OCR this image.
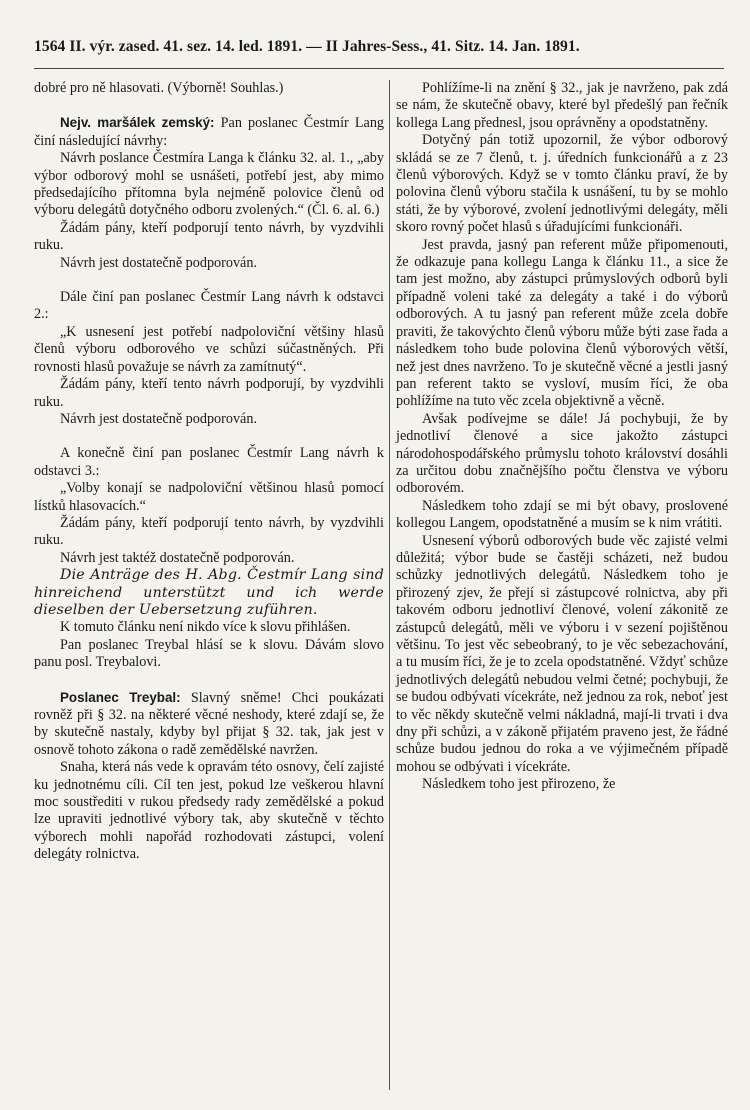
1564 II. výr. zased. 41. sez. 14. led. 1891. — II Jahres-Sess., 41. Sitz. 14. Jan. 1891.

dobré pro ně hlasovati. (Výborně! Souhlas.)

Nejv. maršálek zemský: Pan poslanec Čestmír Lang činí následující návrhy:

Návrh poslance Čestmíra Langa k článku 32. al. 1., „aby výbor odborový mohl se usnášeti, potřebí jest, aby mimo předsedajícího přítomna byla nejméně polovice členů od výboru delegátů dotyčného odboru zvolených.“ (Čl. 6. al. 6.)

Žádám pány, kteří podporují tento návrh, by vyzdvihli ruku.

Návrh jest dostatečně podporován.

Dále činí pan poslanec Čestmír Lang návrh k odstavci 2.:

„K usnesení jest potřebí nadpoloviční většiny hlasů členů výboru odborového ve schůzi súčastněných. Při rovnosti hlasů považuje se návrh za zamítnutý“.

Žádám pány, kteří tento návrh podporují, by vyzdvihli ruku.

Návrh jest dostatečně podporován.

A konečně činí pan poslanec Čestmír Lang návrh k odstavci 3.:

„Volby konají se nadpoloviční většinou hlasů pomocí lístků hlasovacích.“

Žádám pány, kteří podporují tento návrh, by vyzdvihli ruku.

Návrh jest taktéž dostatečně podporován.

Die Anträge des H. Abg. Čestmír Lang sind hinreichend unterstützt und ich werde dieselben der Uebersetzung zuführen.

K tomuto článku není nikdo více k slovu přihlášen.

Pan poslanec Treybal hlásí se k slovu. Dávám slovo panu posl. Treybalovi.

Poslanec Treybal: Slavný sněme! Chci poukázati rovněž při § 32. na některé věcné neshody, které zdají se, že by skutečně nastaly, kdyby byl přijat § 32. tak, jak jest v osnově tohoto zákona o radě zemědělské navržen.

Snaha, která nás vede k opravám této osnovy, čelí zajisté ku jednotnému cíli. Cíl ten jest, pokud lze veškerou hlavní moc soustřediti v rukou předsedy rady zemědělské a pokud lze upraviti jednotlivé výbory tak, aby skutečně v těchto výborech mohli napořád rozhodovati zástupci, volení delegáty rolnictva.

Pohlížíme-li na znění § 32., jak je navrženo, pak zdá se nám, že skutečně obavy, které byl předešlý pan řečník kollega Lang přednesl, jsou oprávněny a opodstatněny.

Dotyčný pán totiž upozornil, že výbor odborový skládá se ze 7 členů, t. j. úředních funkcionářů a z 23 členů výborových. Když se v tomto článku praví, že by polovina členů výboru stačila k usnášení, tu by se mohlo státi, že by výborové, zvolení jednotlivými delegáty, měli skoro rovný počet hlasů s úřadujícími funkcionáři.

Jest pravda, jasný pan referent může připomenouti, že odkazuje pana kollegu Langa k článku 11., a sice že tam jest možno, aby zástupci průmyslových odborů byli případně voleni také za delegáty a také i do výborů odborových. A tu jasný pan referent může zcela dobře praviti, že takovýchto členů výboru může býti zase řada a následkem toho bude polovina členů výborových větší, než jest dnes navrženo. To je skutečně věcné a jestli jasný pan referent takto se vysloví, musím říci, že oba pohlížíme na tuto věc zcela objektivně a věcně.

Avšak podívejme se dále! Já pochybuji, že by jednotliví členové a sice jakožto zástupci národohospodářského průmyslu tohoto království dosáhli za určitou dobu značnějšího počtu členstva ve výboru odborovém.

Následkem toho zdají se mi být obavy, proslovené kollegou Langem, opodstatněné a musím se k nim vrátiti.

Usnesení výborů odborových bude věc zajisté velmi důležitá; výbor bude se častěji scházeti, než budou schůzky jednotlivých delegátů. Následkem toho je přirozený zjev, že přejí si zástupcové rolnictva, aby při takovém odboru jednotliví členové, volení zákonitě ze zástupců delegátů, měli ve výboru i v sezení pojištěnou většinu. To jest věc sebeobraný, to je věc sebezachování, a tu musím říci, že je to zcela opodstatněné. Vždyť schůze jednotlivých delegátů nebudou velmi četné; pochybuji, že se budou odbývati vícekráte, než jednou za rok, neboť jest to věc někdy skutečně velmi nákladná, mají-li trvati i dva dny při schůzi, a v zákoně přijatém praveno jest, že řádné schůze budou jednou do roka a ve výjimečném případě mohou se odbývati i vícekráte.

Následkem toho jest přirozeno, že
